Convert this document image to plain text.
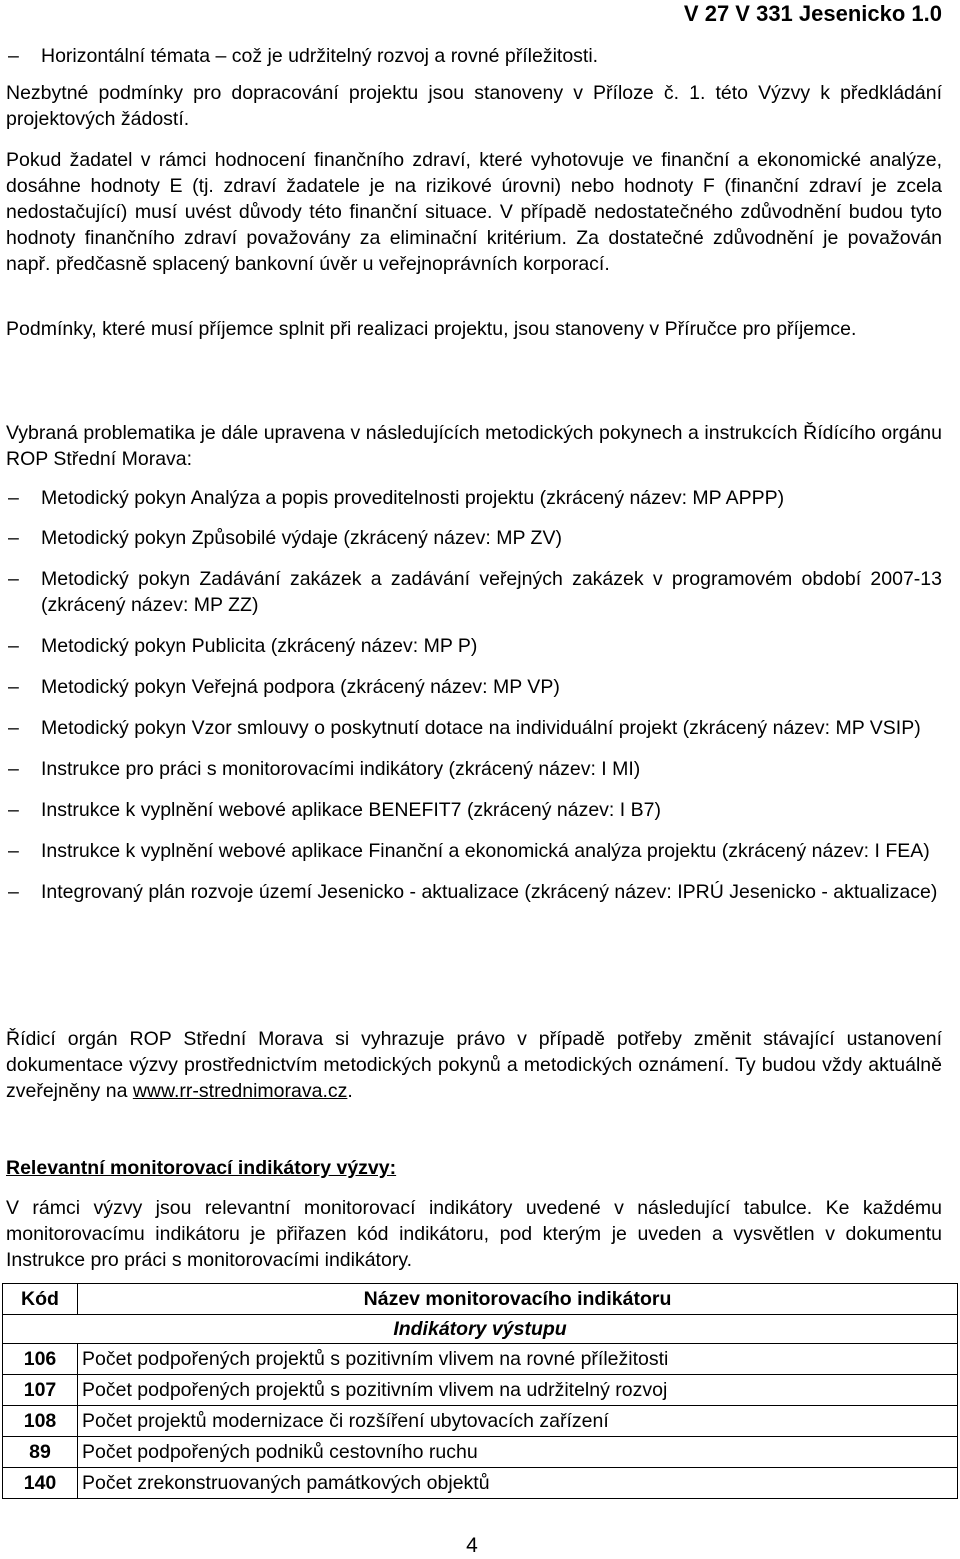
V 27 V 331 Jesenicko 1.0
– Horizontální témata – což je udržitelný rozvoj a rovné příležitosti.

Nezbytné podmínky pro dopracování projektu jsou stanoveny v Příloze č. 1. této Výzvy k předkládání projektových žádostí.

Pokud žadatel v rámci hodnocení finančního zdraví, které vyhotovuje ve finanční a ekonomické analýze, dosáhne hodnoty E (tj. zdraví žadatele je na rizikové úrovni) nebo hodnoty F (finanční zdraví je zcela nedostačující) musí uvést důvody této finanční situace. V případě nedostatečného zdůvodnění budou tyto hodnoty finančního zdraví považovány za eliminační kritérium. Za dostatečné zdůvodnění je považován např. předčasně splacený bankovní úvěr u veřejnoprávních korporací.

Podmínky, které musí příjemce splnit při realizaci projektu, jsou stanoveny v Příručce pro příjemce.

Vybraná problematika je dále upravena v následujících metodických pokynech a instrukcích Řídícího orgánu ROP Střední Morava:

– Metodický pokyn Analýza a popis proveditelnosti projektu (zkrácený název: MP APPP)
– Metodický pokyn Způsobilé výdaje (zkrácený název: MP ZV)
– Metodický pokyn Zadávání zakázek a zadávání veřejných zakázek v programovém období 2007-13 (zkrácený název: MP ZZ)
– Metodický pokyn Publicita (zkrácený název: MP P)
– Metodický pokyn Veřejná podpora (zkrácený název: MP VP)
– Metodický pokyn Vzor smlouvy o poskytnutí dotace na individuální projekt (zkrácený název: MP VSIP)
– Instrukce pro práci s monitorovacími indikátory (zkrácený název: I MI)
– Instrukce k vyplnění webové aplikace BENEFIT7 (zkrácený název: I B7)
– Instrukce k vyplnění webové aplikace Finanční a ekonomická analýza projektu (zkrácený název: I FEA)
– Integrovaný plán rozvoje území Jesenicko - aktualizace (zkrácený název: IPRÚ Jesenicko - aktualizace)

Řídicí orgán ROP Střední Morava si vyhrazuje právo v případě potřeby změnit stávající ustanovení dokumentace výzvy prostřednictvím metodických pokynů a metodických oznámení. Ty budou vždy aktuálně zveřejněny na www.rr-strednimorava.cz.

Relevantní monitorovací indikátory výzvy:

V rámci výzvy jsou relevantní monitorovací indikátory uvedené v následující tabulce. Ke každému monitorovacímu indikátoru je přiřazen kód indikátoru, pod kterým je uveden a vysvětlen v dokumentu Instrukce pro práci s monitorovacími indikátory.

Kód	Název monitorovacího indikátoru
Indikátory výstupu	
106	Počet podpořených projektů s pozitivním vlivem na rovné příležitosti
107	Počet podpořených projektů s pozitivním vlivem na udržitelný rozvoj
108	Počet projektů modernizace či rozšíření ubytovacích zařízení
89	Počet podpořených podniků cestovního ruchu
140	Počet zrekonstruovaných památkových objektů
4
